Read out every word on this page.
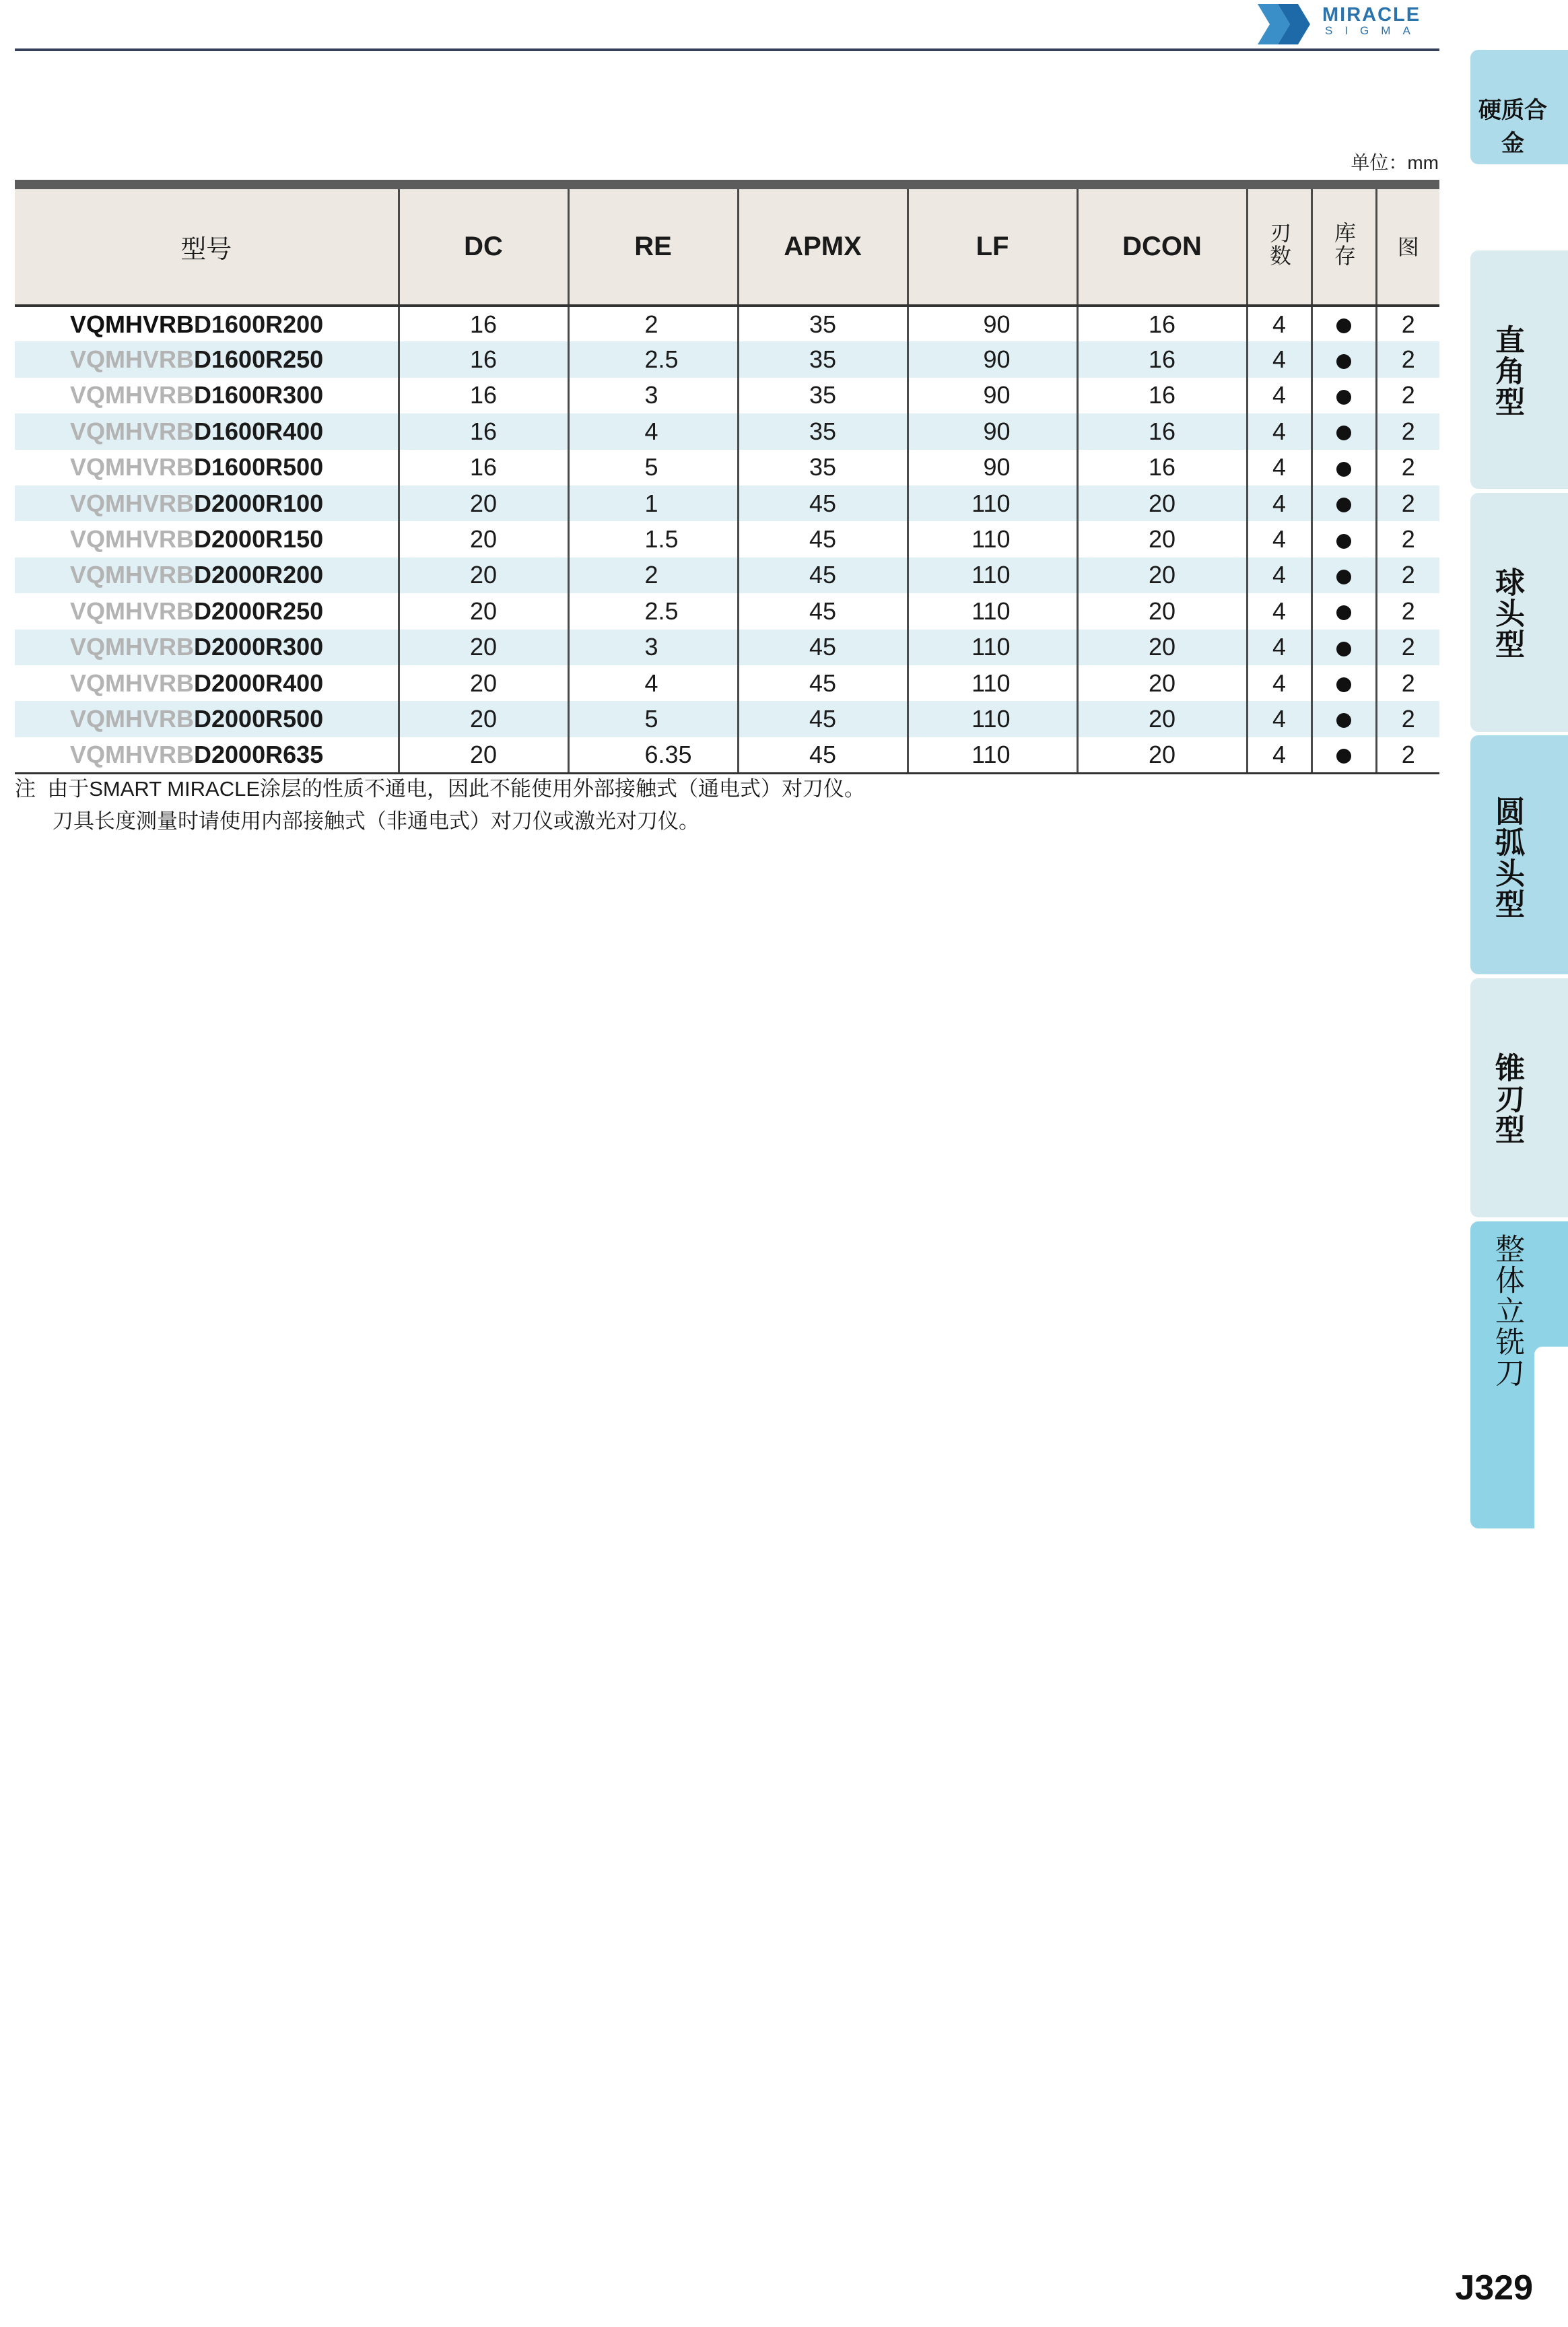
MIRACLE
SIGMA
单位：mm
型号	DC	RE	APMX	LF	DCON	刃数	库存	图
VQMHVRBD1600R200	16	2	35	90	16	4		2
VQMHVRBD1600R250	16	2.5	35	90	16	4		2
VQMHVRBD1600R300	16	3	35	90	16	4		2
VQMHVRBD1600R400	16	4	35	90	16	4		2
VQMHVRBD1600R500	16	5	35	90	16	4		2
VQMHVRBD2000R100	20	1	45	110	20	4		2
VQMHVRBD2000R150	20	1.5	45	110	20	4		2
VQMHVRBD2000R200	20	2	45	110	20	4		2
VQMHVRBD2000R250	20	2.5	45	110	20	4		2
VQMHVRBD2000R300	20	3	45	110	20	4		2
VQMHVRBD2000R400	20	4	45	110	20	4		2
VQMHVRBD2000R500	20	5	45	110	20	4		2
VQMHVRBD2000R635	20	6.35	45	110	20	4		2
注 由于SMART MIRACLE涂层的性质不通电，因此不能使用外部接触式（通电式）对刀仪。
刀具长度测量时请使用内部接触式（非通电式）对刀仪或激光对刀仪。
硬质合金
直角型
球头型
圆弧头型
锥刃型
整体立铣刀
J329
